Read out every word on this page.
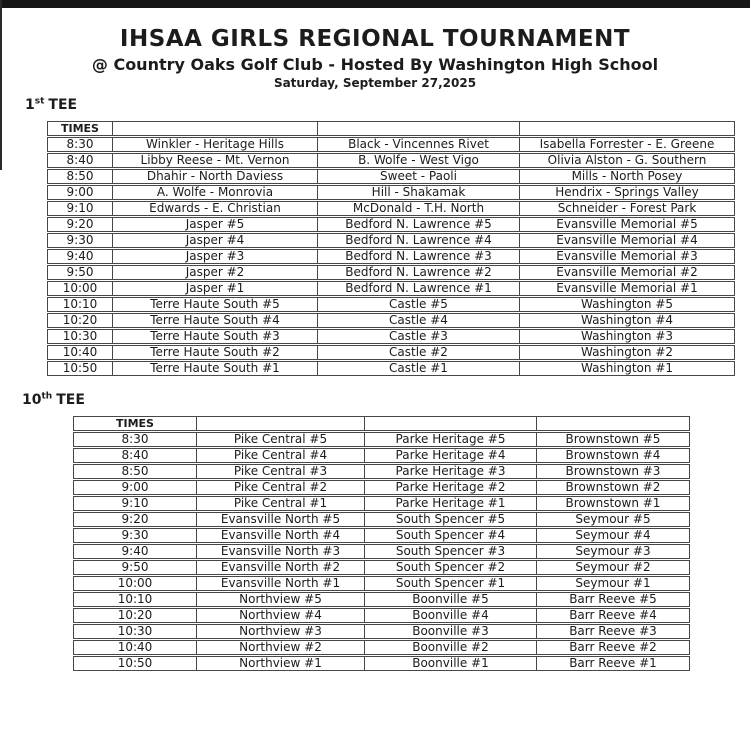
IHSAA GIRLS REGIONAL TOURNAMENT
@ Country Oaks Golf Club - Hosted By Washington High School
Saturday, September 27,2025
1st TEE
TIMES			
8:30	Winkler - Heritage Hills	Black - Vincennes Rivet	Isabella Forrester - E. Greene
8:40	Libby Reese - Mt. Vernon	B. Wolfe - West Vigo	Olivia Alston - G. Southern
8:50	Dhahir - North Daviess	Sweet - Paoli	Mills - North Posey
9:00	A. Wolfe - Monrovia	Hill - Shakamak	Hendrix - Springs Valley
9:10	Edwards - E. Christian	McDonald - T.H. North	Schneider - Forest Park
9:20	Jasper #5	Bedford N. Lawrence #5	Evansville Memorial #5
9:30	Jasper #4	Bedford N. Lawrence #4	Evansville Memorial #4
9:40	Jasper #3	Bedford N. Lawrence #3	Evansville Memorial #3
9:50	Jasper #2	Bedford N. Lawrence #2	Evansville Memorial #2
10:00	Jasper #1	Bedford N. Lawrence #1	Evansville Memorial #1
10:10	Terre Haute South #5	Castle #5	Washington #5
10:20	Terre Haute South #4	Castle #4	Washington #4
10:30	Terre Haute South #3	Castle #3	Washington #3
10:40	Terre Haute South #2	Castle #2	Washington #2
10:50	Terre Haute South #1	Castle #1	Washington #1
10th TEE
TIMES			
8:30	Pike Central #5	Parke Heritage #5	Brownstown #5
8:40	Pike Central #4	Parke Heritage #4	Brownstown #4
8:50	Pike Central #3	Parke Heritage #3	Brownstown #3
9:00	Pike Central #2	Parke Heritage #2	Brownstown #2
9:10	Pike Central #1	Parke Heritage #1	Brownstown #1
9:20	Evansville North #5	South Spencer #5	Seymour #5
9:30	Evansville North #4	South Spencer #4	Seymour #4
9:40	Evansville North #3	South Spencer #3	Seymour #3
9:50	Evansville North #2	South Spencer #2	Seymour #2
10:00	Evansville North #1	South Spencer #1	Seymour #1
10:10	Northview #5	Boonville #5	Barr Reeve #5
10:20	Northview #4	Boonville #4	Barr Reeve #4
10:30	Northview #3	Boonville #3	Barr Reeve #3
10:40	Northview #2	Boonville #2	Barr Reeve #2
10:50	Northview #1	Boonville #1	Barr Reeve #1
